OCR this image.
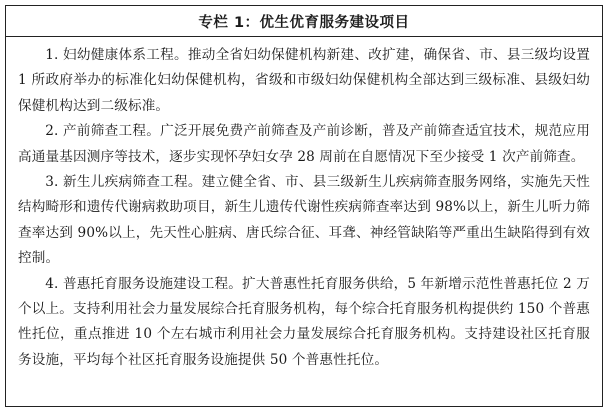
专栏 1：优生优育服务建设项目

1. 妇幼健康体系工程。推动全省妇幼保健机构新建、改扩建，确保省、市、县三级均设置 1 所政府举办的标准化妇幼保健机构，省级和市级妇幼保健机构全部达到三级标准、县级妇幼保健机构达到二级标准。

2. 产前筛查工程。广泛开展免费产前筛查及产前诊断，普及产前筛查适宜技术，规范应用高通量基因测序等技术，逐步实现怀孕妇女孕 28 周前在自愿情况下至少接受 1 次产前筛查。

3. 新生儿疾病筛查工程。建立健全省、市、县三级新生儿疾病筛查服务网络，实施先天性结构畸形和遗传代谢病救助项目，新生儿遗传代谢性疾病筛查率达到 98%以上，新生儿听力筛查率达到 90%以上，先天性心脏病、唐氏综合征、耳聋、神经管缺陷等严重出生缺陷得到有效控制。

4. 普惠托育服务设施建设工程。扩大普惠性托育服务供给，5 年新增示范性普惠托位 2 万个以上。支持利用社会力量发展综合托育服务机构，每个综合托育服务机构提供约 150 个普惠性托位，重点推进 10 个左右城市利用社会力量发展综合托育服务机构。支持建设社区托育服务设施，平均每个社区托育服务设施提供 50 个普惠性托位。
